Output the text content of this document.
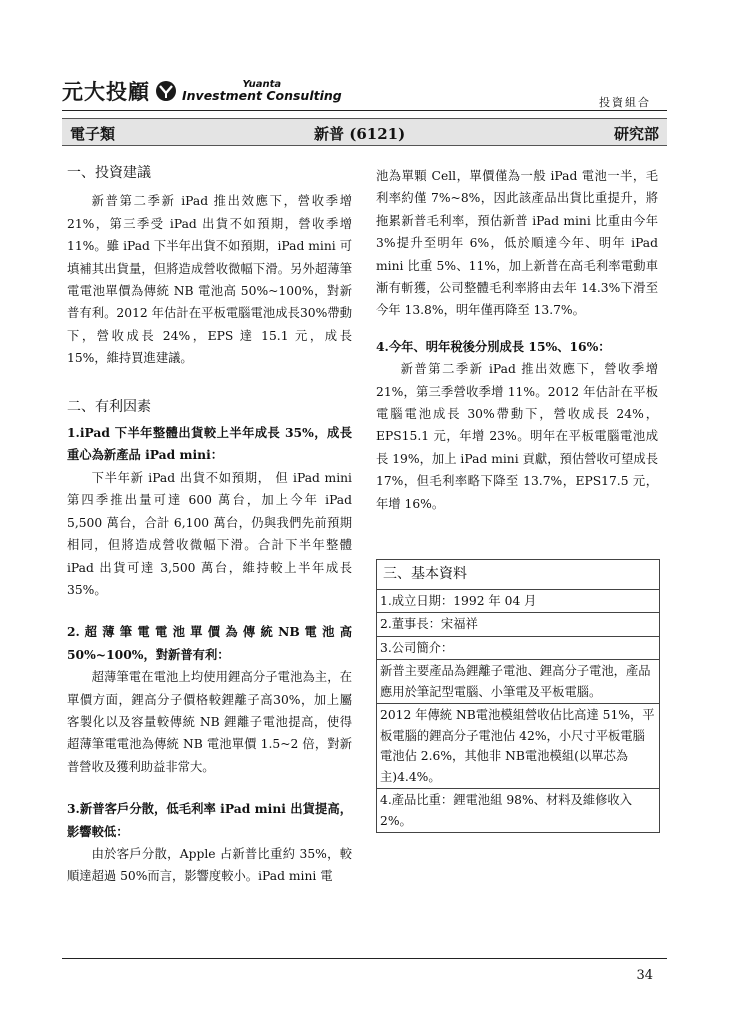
元大投顧	Yuanta
Investment Consulting	投資組合
電子類	新普 (6121)	研究部

一、投資建議

新普第二季新 iPad 推出效應下，營收季增21%，第三季受 iPad 出貨不如預期，營收季增11%。雖 iPad 下半年出貨不如預期，iPad mini 可填補其出貨量，但將造成營收微幅下滑。另外超薄筆電電池單價為傳統 NB 電池高 50%~100%，對新普有利。2012 年估計在平板電腦電池成長30%帶動下，營收成長 24%，EPS 達 15.1 元，成長 15%，維持買進建議。

二、有利因素

1.iPad 下半年整體出貨較上半年成長 35%，成長重心為新產品 iPad mini：

下半年新 iPad 出貨不如預期， 但 iPad mini 第四季推出量可達 600 萬台，加上今年 iPad 5,500 萬台，合計 6,100 萬台，仍與我們先前預期相同，但將造成營收微幅下滑。合計下半年整體 iPad 出貨可達 3,500 萬台，維持較上半年成長 35%。

2. 超 薄 筆 電 電 池 單 價 為 傳 統 NB 電 池 高 50%~100%，對新普有利：

超薄筆電在電池上均使用鋰高分子電池為主，在單價方面，鋰高分子價格較鋰離子高30%，加上屬客製化以及容量較傳統 NB 鋰離子電池提高，使得超薄筆電電池為傳統 NB 電池單價 1.5~2 倍，對新普營收及獲利助益非常大。

3.新普客戶分散，低毛利率 iPad mini 出貨提高，影響較低：

由於客戶分散，Apple 占新普比重約 35%，較順達超過 50%而言，影響度較小。iPad mini 電

池為單顆 Cell，單價僅為一般 iPad 電池一半，毛利率約僅 7%~8%，因此該產品出貨比重提升，將拖累新普毛利率，預估新普 iPad mini 比重由今年 3%提升至明年 6%，低於順達今年、明年 iPad mini 比重 5%、11%，加上新普在高毛利率電動車漸有斬獲，公司整體毛利率將由去年 14.3%下滑至今年 13.8%，明年僅再降至 13.7%。

4.今年、明年稅後分別成長 15%、16%：

新普第二季新 iPad 推出效應下，營收季增21%，第三季營收季增 11%。2012 年估計在平板電腦電池成長 30%帶動下，營收成長 24%，EPS15.1 元，年增 23%。明年在平板電腦電池成長 19%，加上 iPad mini 貢獻，預估營收可望成長 17%，但毛利率略下降至 13.7%，EPS17.5 元，年增 16%。

三、基本資料
1.成立日期：1992 年 04 月
2.董事長：宋福祥
3.公司簡介：
新普主要產品為鋰離子電池、鋰高分子電池，產品應用於筆記型電腦、小筆電及平板電腦。
2012 年傳統 NB電池模組營收佔比高達 51%，平板電腦的鋰高分子電池佔 42%，小尺寸平板電腦電池佔 2.6%，其他非 NB電池模組(以單芯為主)4.4%。
4.產品比重：鋰電池組 98%、材料及維修收入 2%。
34
